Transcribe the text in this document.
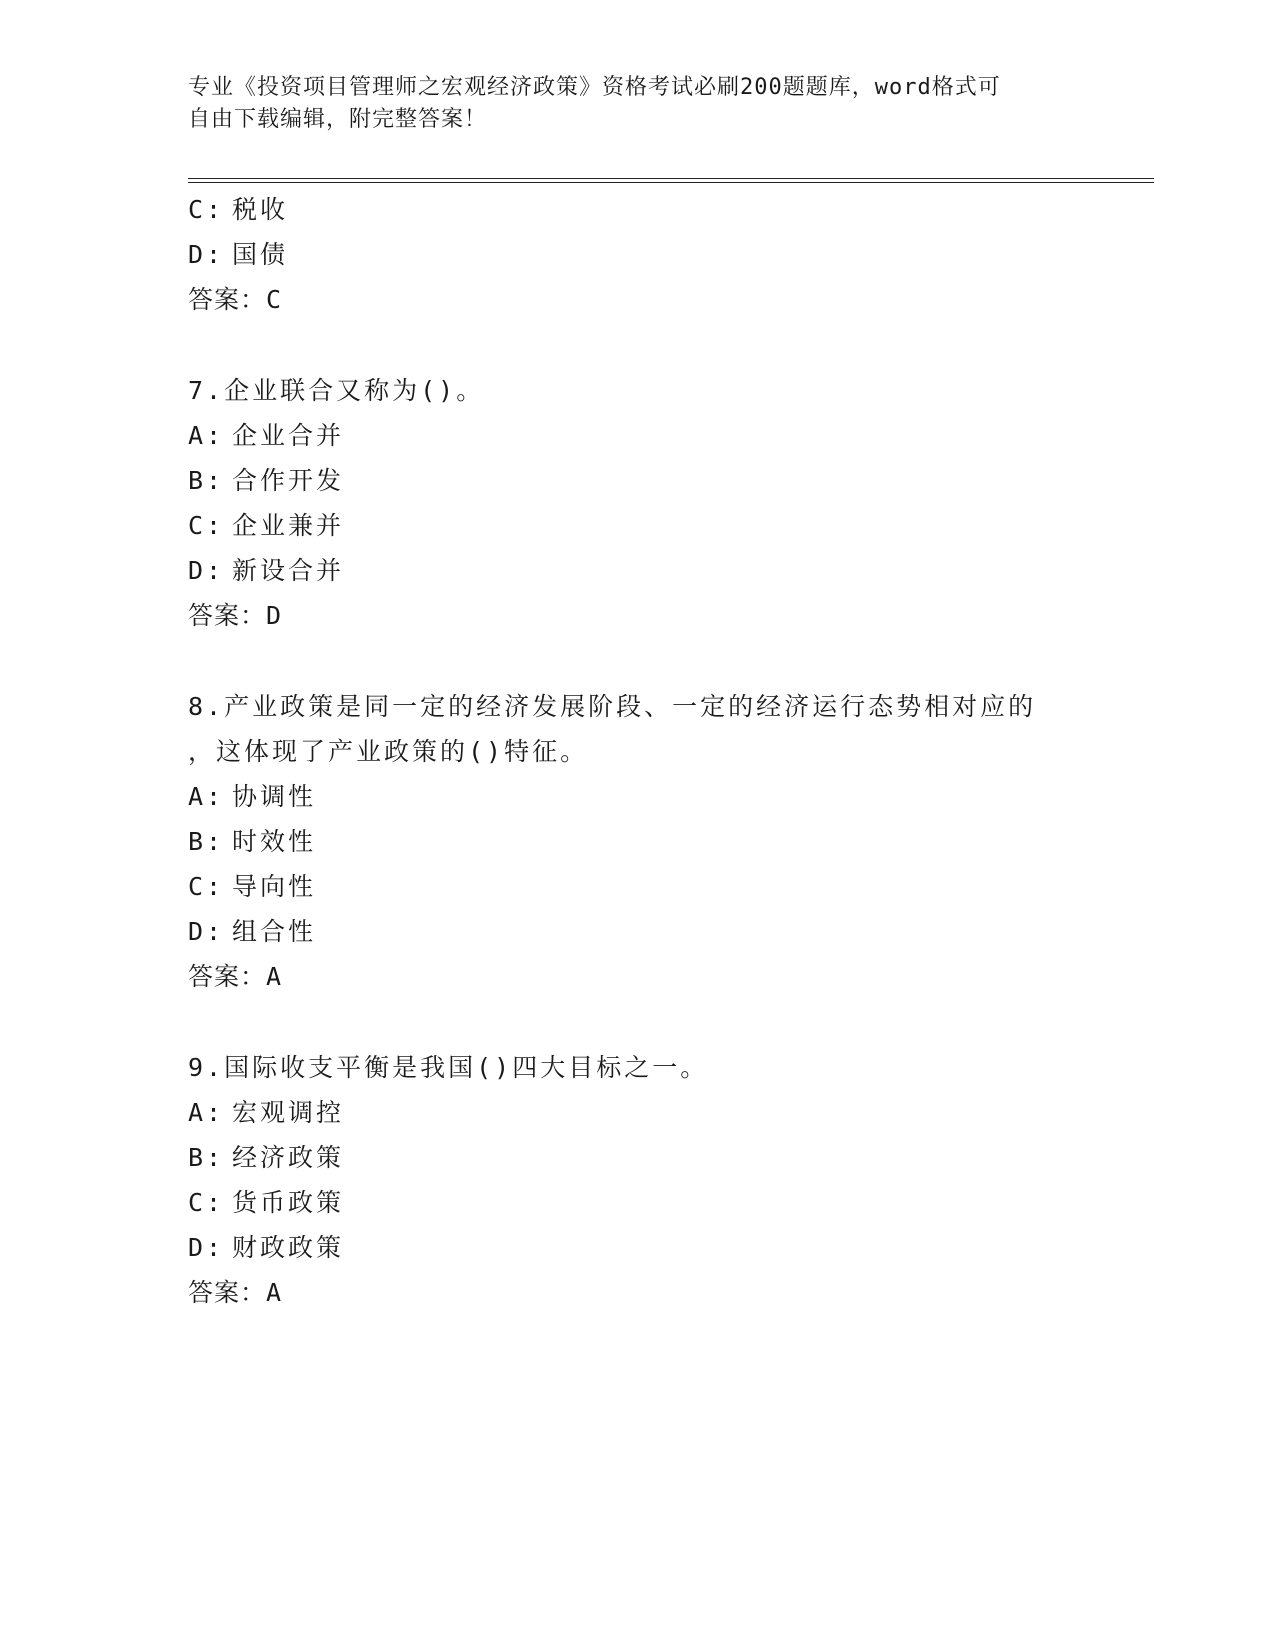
专业《投资项目管理师之宏观经济政策》资格考试必刷200题题库，word格式可
自由下载编辑，附完整答案！
C: 税收
D: 国债
答案：C
7.企业联合又称为()。
A: 企业合并
B: 合作开发
C: 企业兼并
D: 新设合并
答案：D
8.产业政策是同一定的经济发展阶段、一定的经济运行态势相对应的
，这体现了产业政策的()特征。
A: 协调性
B: 时效性
C: 导向性
D: 组合性
答案：A
9.国际收支平衡是我国()四大目标之一。
A: 宏观调控
B: 经济政策
C: 货币政策
D: 财政政策
答案：A
